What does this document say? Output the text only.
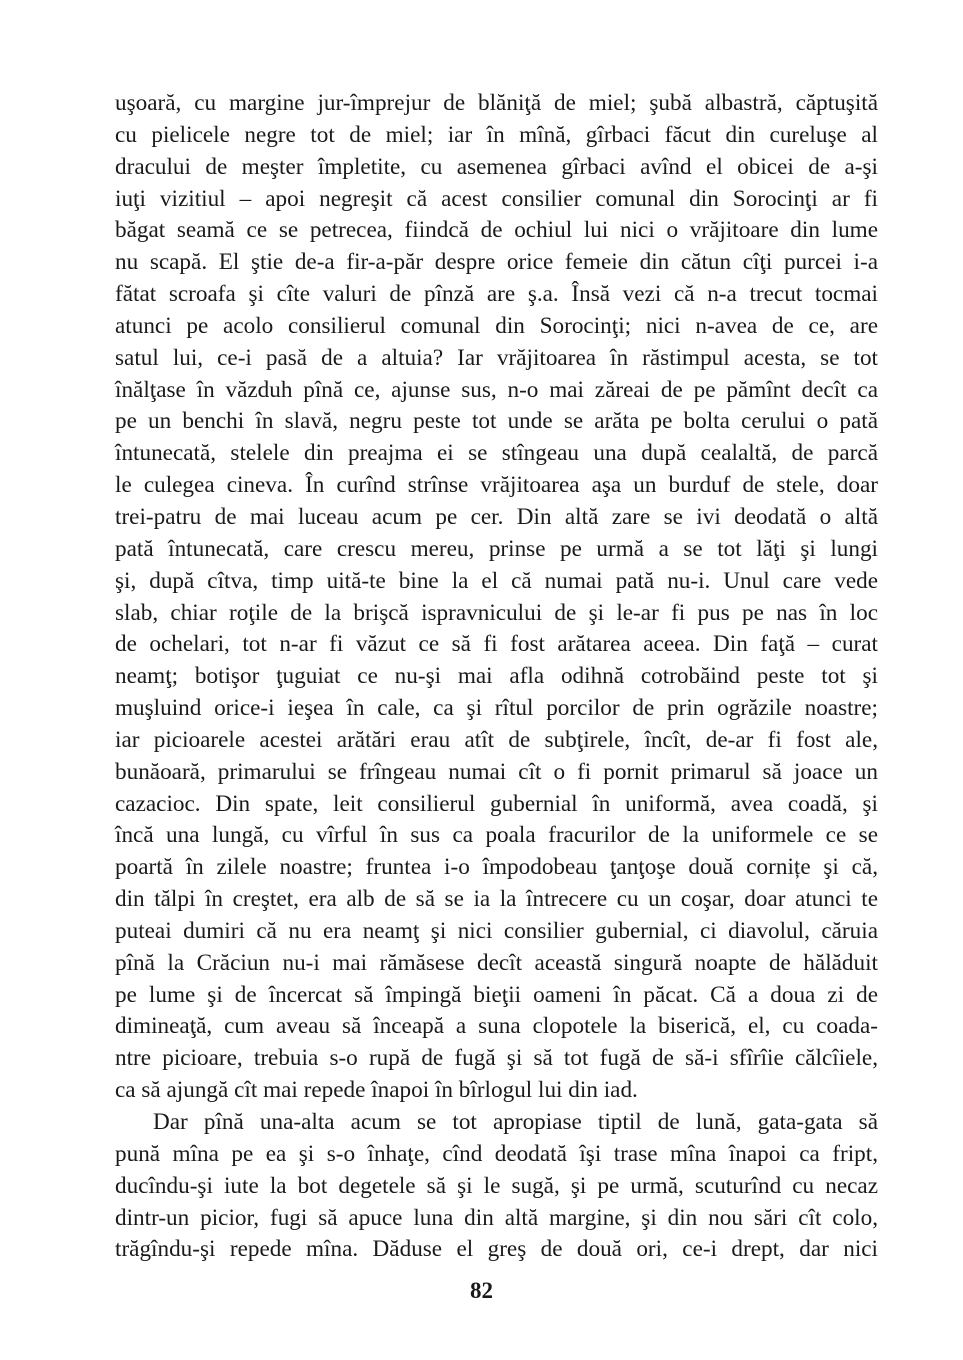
uşoară, cu margine jur-împrejur de blăniţă de miel; şubă albastră, căptuşită
cu pielicele negre tot de miel; iar în mînă, gîrbaci făcut din cureluşe al
dracului de meşter împletite, cu asemenea gîrbaci avînd el obicei de a-şi
iuţi vizitiul – apoi negreşit că acest consilier comunal din Sorocinţi ar fi
băgat seamă ce se petrecea, fiindcă de ochiul lui nici o vrăjitoare din lume
nu scapă. El ştie de-a fir-a-păr despre orice femeie din cătun cîţi purcei i-a
fătat scroafa şi cîte valuri de pînză are ş.a. Însă vezi că n-a trecut tocmai
atunci pe acolo consilierul comunal din Sorocinţi; nici n-avea de ce, are
satul lui, ce-i pasă de a altuia? Iar vrăjitoarea în răstimpul acesta, se tot
înălţase în văzduh pînă ce, ajunse sus, n-o mai zăreai de pe pămînt decît ca
pe un benchi în slavă, negru peste tot unde se arăta pe bolta cerului o pată
întunecată, stelele din preajma ei se stîngeau una după cealaltă, de parcă
le culegea cineva. În curînd strînse vrăjitoarea aşa un burduf de stele, doar
trei-patru de mai luceau acum pe cer. Din altă zare se ivi deodată o altă
pată întunecată, care crescu mereu, prinse pe urmă a se tot lăţi şi lungi
şi, după cîtva, timp uită-te bine la el că numai pată nu-i. Unul care vede
slab, chiar roţile de la brişcă ispravnicului de şi le-ar fi pus pe nas în loc
de ochelari, tot n-ar fi văzut ce să fi fost arătarea aceea. Din faţă – curat
neamţ; botişor ţuguiat ce nu-şi mai afla odihnă cotrobăind peste tot şi
muşluind orice-i ieşea în cale, ca şi rîtul porcilor de prin ogrăzile noastre;
iar picioarele acestei arătări erau atît de subţirele, încît, de-ar fi fost ale,
bunăoară, primarului se frîngeau numai cît o fi pornit primarul să joace un
cazacioc. Din spate, leit consilierul gubernial în uniformă, avea coadă, şi
încă una lungă, cu vîrful în sus ca poala fracurilor de la uniformele ce se
poartă în zilele noastre; fruntea i-o împodobeau ţanţoşe două cornițe şi că,
din tălpi în creştet, era alb de să se ia la întrecere cu un coşar, doar atunci te
puteai dumiri că nu era neamţ şi nici consilier gubernial, ci diavolul, căruia
pînă la Crăciun nu-i mai rămăsese decît această singură noapte de hălăduit
pe lume şi de încercat să împingă bieţii oameni în păcat. Că a doua zi de
dimineaţă, cum aveau să înceapă a suna clopotele la biserică, el, cu coada-
ntre picioare, trebuia s-o rupă de fugă şi să tot fugă de să-i sfîrîie călcîiele,
ca să ajungă cît mai repede înapoi în bîrlogul lui din iad.
Dar pînă una-alta acum se tot apropiase tiptil de lună, gata-gata să
pună mîna pe ea şi s-o înhaţe, cînd deodată îşi trase mîna înapoi ca fript,
ducîndu-şi iute la bot degetele să şi le sugă, şi pe urmă, scuturînd cu necaz
dintr-un picior, fugi să apuce luna din altă margine, şi din nou sări cît colo,
trăgîndu-şi repede mîna. Dăduse el greş de două ori, ce-i drept, dar nici
82
